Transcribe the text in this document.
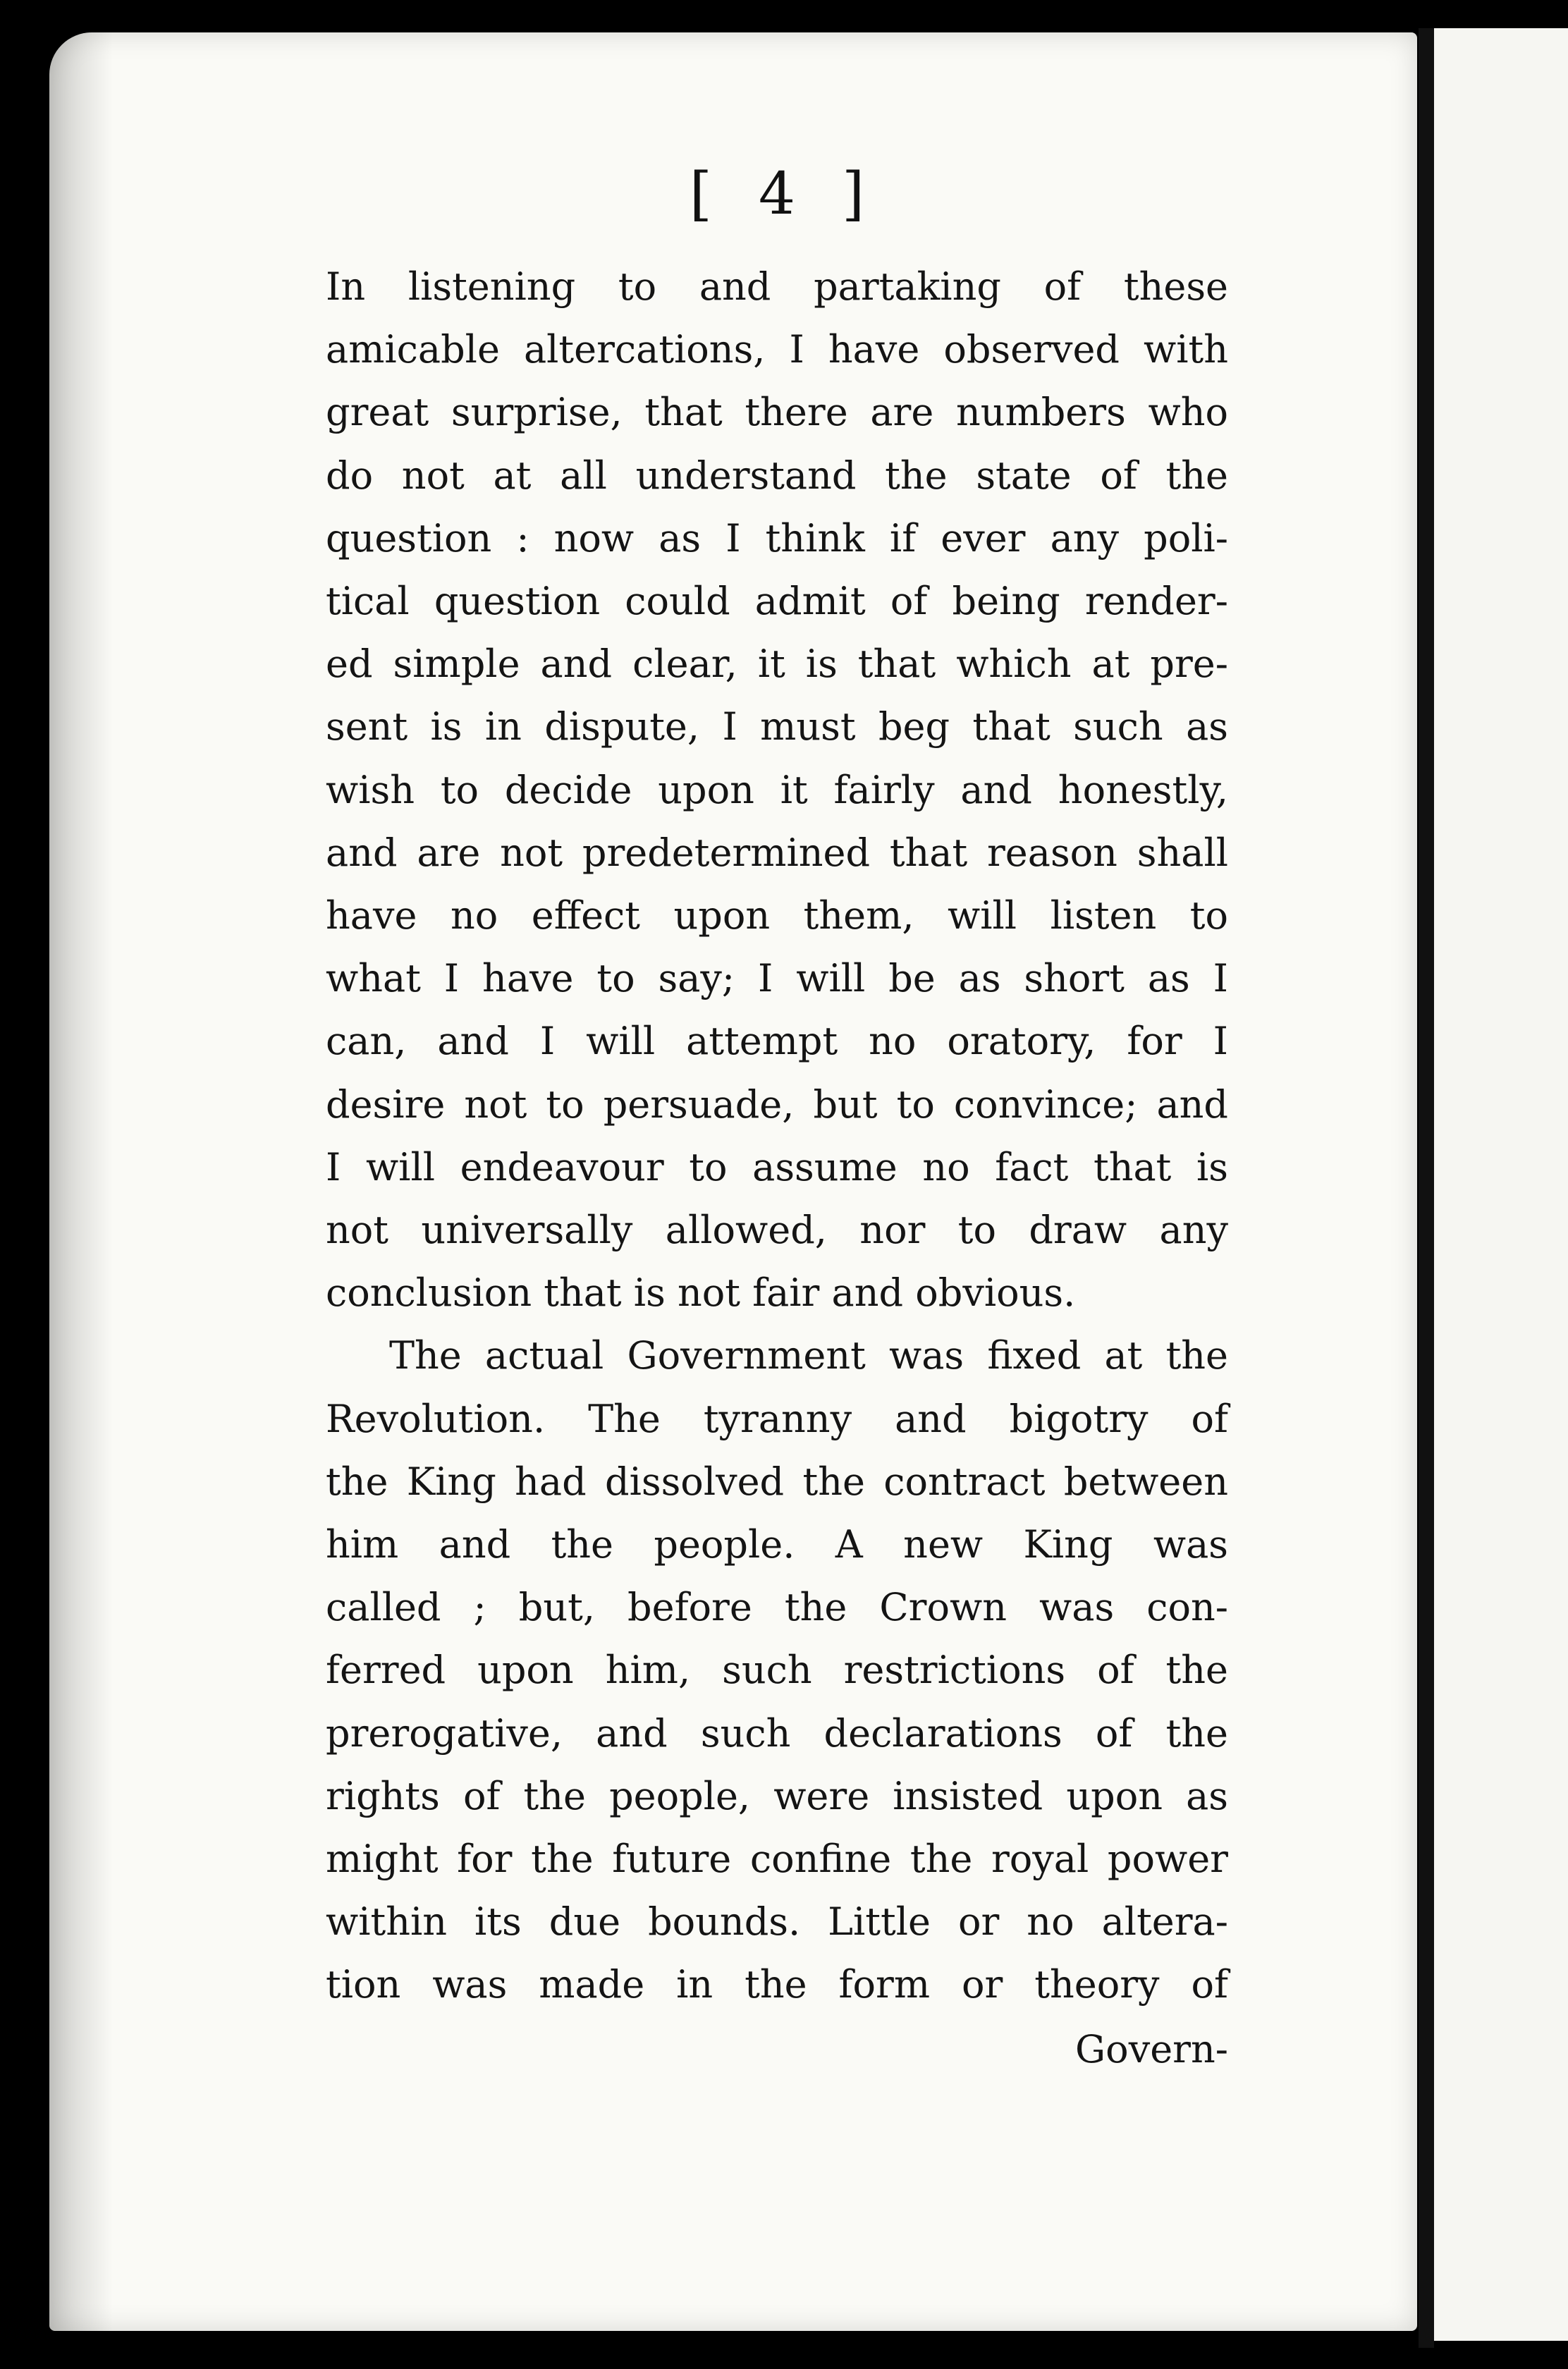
[ 4 ]
In listening to and partaking of these
amicable altercations, I have observed with
great surprise, that there are numbers who
do not at all understand the state of the
question : now as I think if ever any poli-
tical question could admit of being render-
ed simple and clear, it is that which at pre-
sent is in dispute, I must beg that such as
wish to decide upon it fairly and honestly,
and are not predetermined that reason shall
have no effect upon them, will listen to
what I have to say; I will be as short as I
can, and I will attempt no oratory, for I
desire not to persuade, but to convince; and
I will endeavour to assume no fact that is
not universally allowed, nor to draw any
conclusion that is not fair and obvious.
The actual Government was fixed at the
Revolution. The tyranny and bigotry of
the King had dissolved the contract between
him and the people. A new King was
called ; but, before the Crown was con-
ferred upon him, such restrictions of the
prerogative, and such declarations of the
rights of the people, were insisted upon as
might for the future confine the royal power
within its due bounds. Little or no altera-
tion was made in the form or theory of
Govern-
